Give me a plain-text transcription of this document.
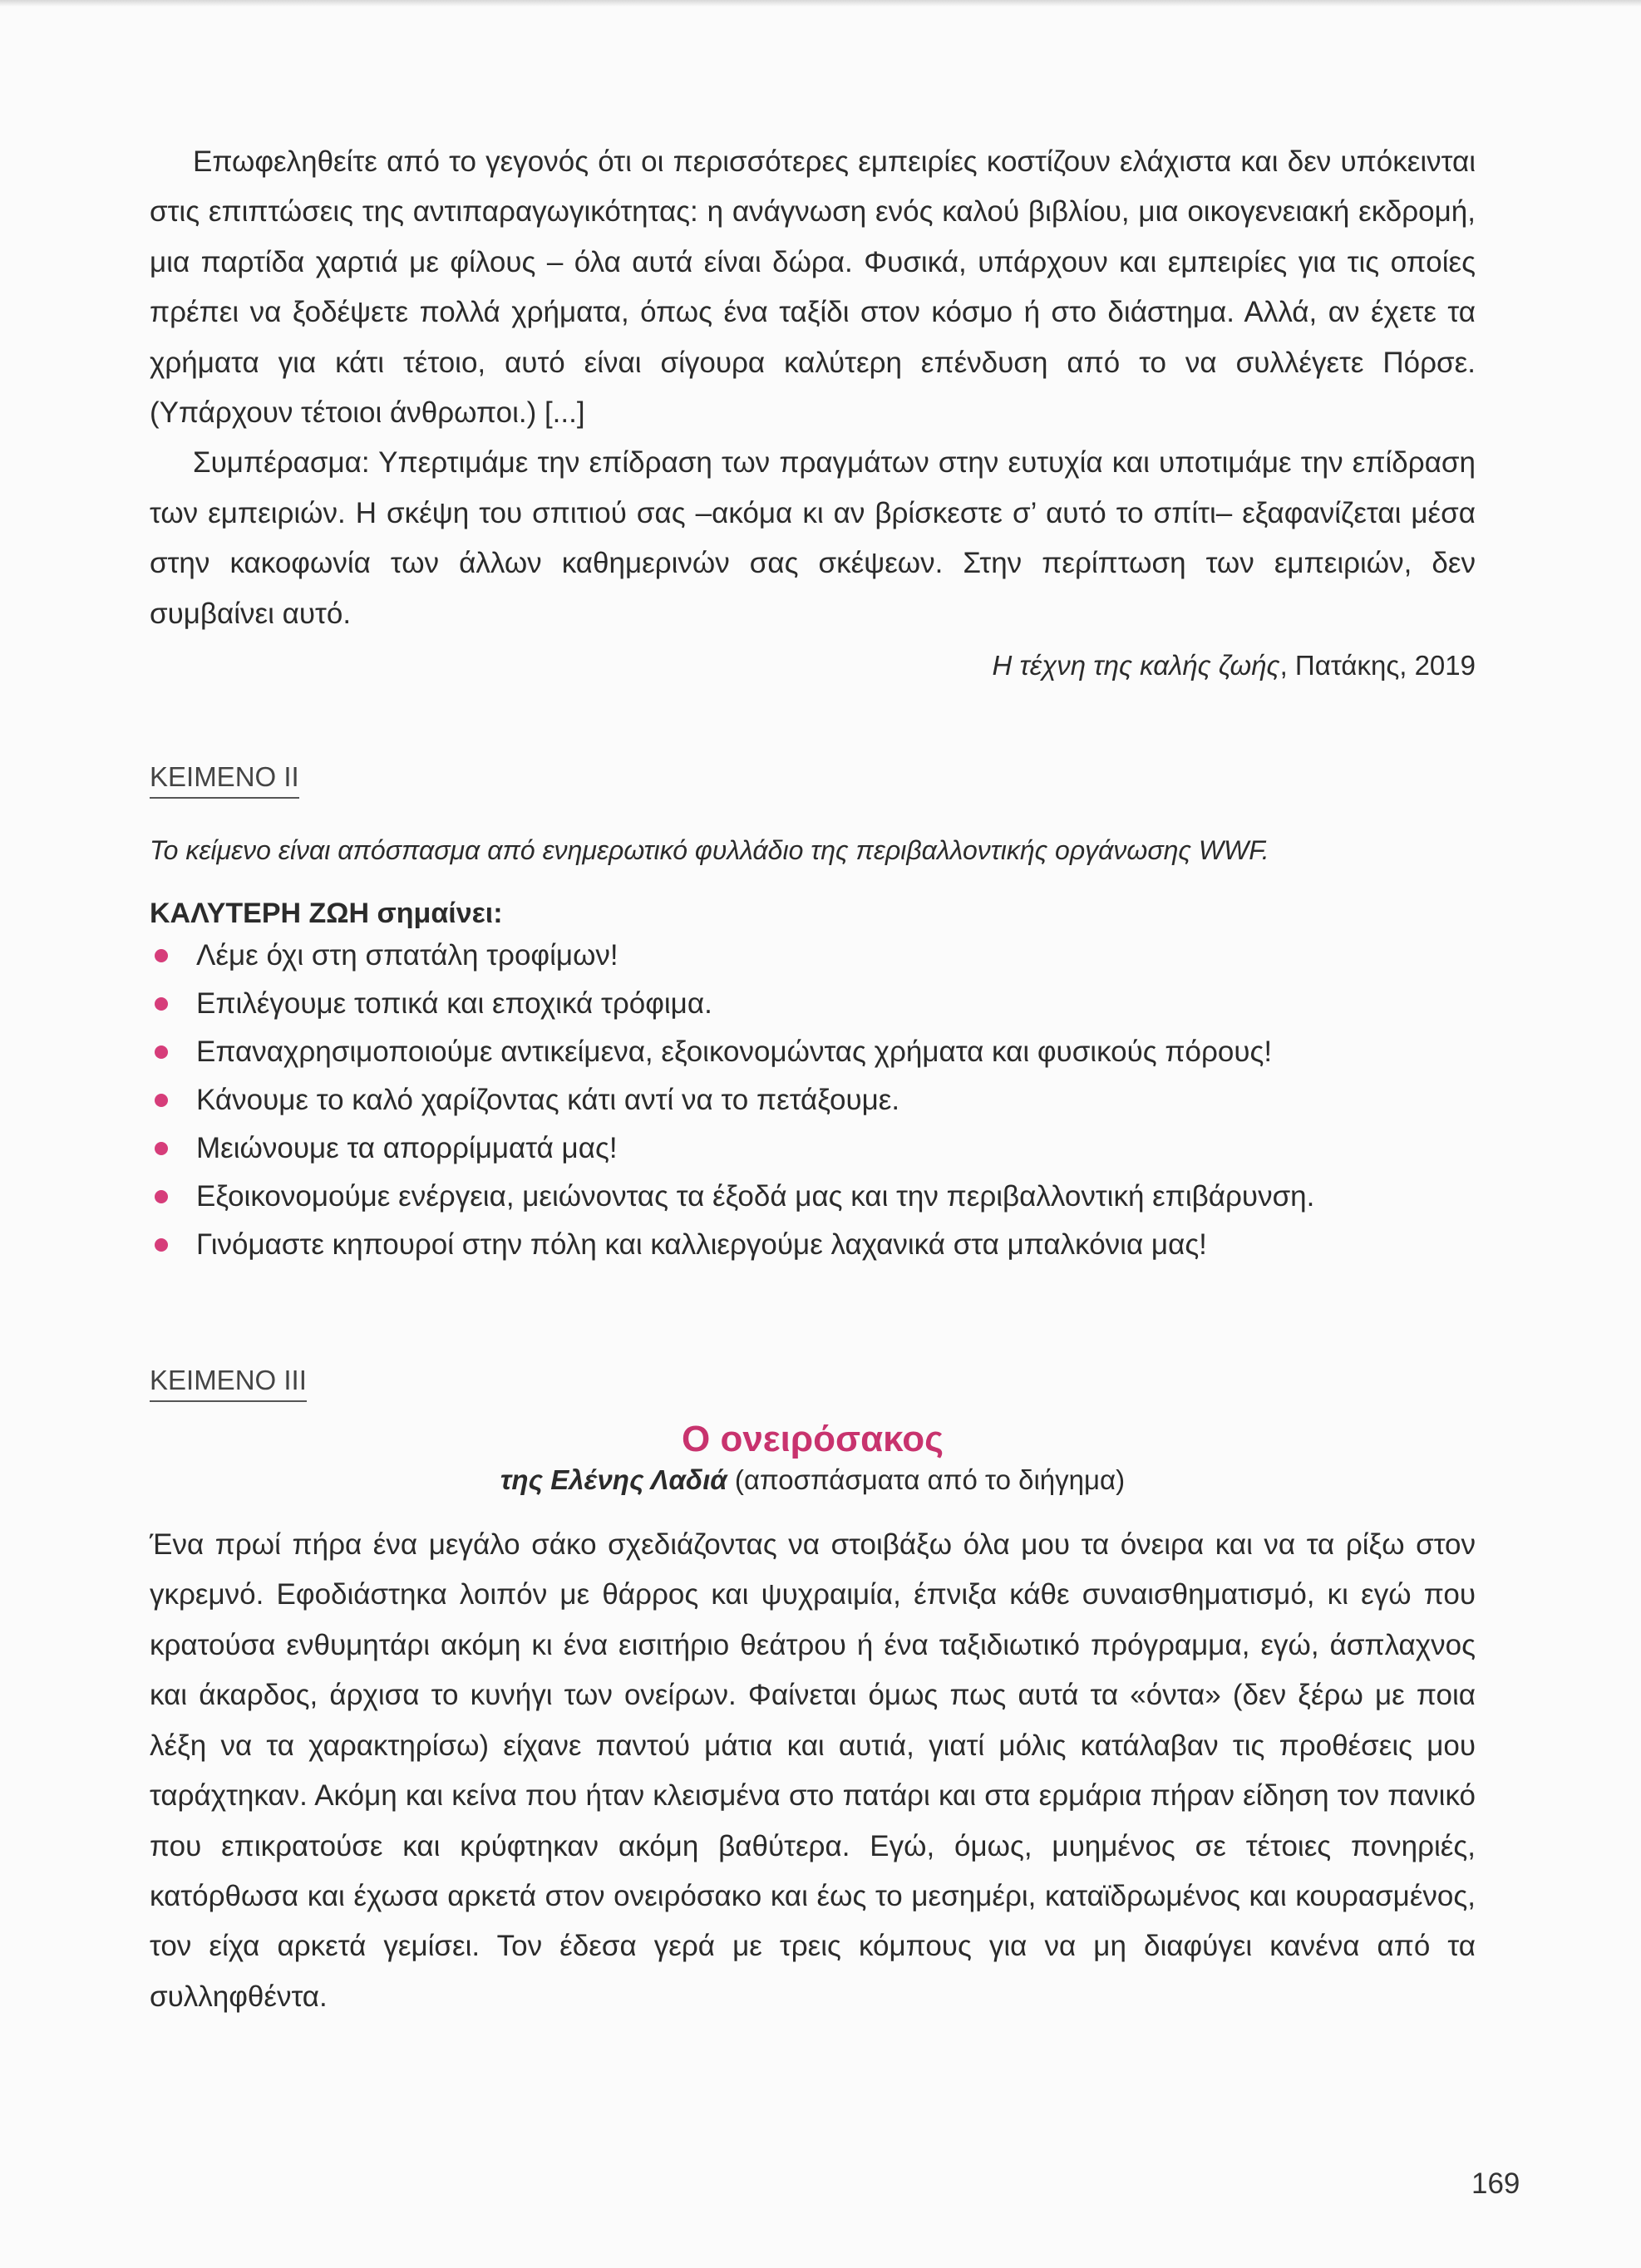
Επωφεληθείτε από το γεγονός ότι οι περισσότερες εμπειρίες κοστίζουν ελάχιστα και δεν υπόκεινται στις επιπτώσεις της αντιπαραγωγικότητας: η ανάγνωση ενός καλού βιβλίου, μια οικογενειακή εκδρομή, μια παρτίδα χαρτιά με φίλους – όλα αυτά είναι δώρα. Φυσικά, υπάρχουν και εμπειρίες για τις οποίες πρέπει να ξοδέψετε πολλά χρήματα, όπως ένα ταξίδι στον κόσμο ή στο διάστημα. Αλλά, αν έχετε τα χρήματα για κάτι τέτοιο, αυτό είναι σίγουρα καλύτερη επένδυση από το να συλλέγετε Πόρσε. (Υπάρχουν τέτοιοι άνθρωποι.) [...]

Συμπέρασμα: Υπερτιμάμε την επίδραση των πραγμάτων στην ευτυχία και υποτιμάμε την επίδραση των εμπειριών. Η σκέψη του σπιτιού σας –ακόμα κι αν βρίσκεστε σ’ αυτό το σπίτι– εξαφανίζεται μέσα στην κακοφωνία των άλλων καθημερινών σας σκέψεων. Στην περίπτωση των εμπειριών, δεν συμβαίνει αυτό.

Η τέχνη της καλής ζωής, Πατάκης, 2019
ΚΕΙΜΕΝΟ ΙΙ

Το κείμενο είναι απόσπασμα από ενημερωτικό φυλλάδιο της περιβαλλοντικής οργάνωσης WWF.

ΚΑΛΥΤΕΡΗ ΖΩΗ σημαίνει:

Λέμε όχι στη σπατάλη τροφίμων!
Επιλέγουμε τοπικά και εποχικά τρόφιμα.
Επαναχρησιμοποιούμε αντικείμενα, εξοικονομώντας χρήματα και φυσικούς πόρους!
Κάνουμε το καλό χαρίζοντας κάτι αντί να το πετάξουμε.
Μειώνουμε τα απορρίμματά μας!
Εξοικονομούμε ενέργεια, μειώνοντας τα έξοδά μας και την περιβαλλοντική επιβάρυνση.
Γινόμαστε κηπουροί στην πόλη και καλλιεργούμε λαχανικά στα μπαλκόνια μας!
ΚΕΙΜΕΝΟ ΙΙΙ
Ο ονειρόσακος

της Ελένης Λαδιά (αποσπάσματα από το διήγημα)

Ένα πρωί πήρα ένα μεγάλο σάκο σχεδιάζοντας να στοιβάξω όλα μου τα όνειρα και να τα ρίξω στον γκρεμνό. Εφοδιάστηκα λοιπόν με θάρρος και ψυχραιμία, έπνιξα κάθε συναισθηματισμό, κι εγώ που κρατούσα ενθυμητάρι ακόμη κι ένα εισιτήριο θεάτρου ή ένα ταξιδιωτικό πρόγραμμα, εγώ, άσπλαχνος και άκαρδος, άρχισα το κυνήγι των ονείρων. Φαίνεται όμως πως αυτά τα «όντα» (δεν ξέρω με ποια λέξη να τα χαρακτηρίσω) είχανε παντού μάτια και αυτιά, γιατί μόλις κατάλαβαν τις προθέσεις μου ταράχτηκαν. Ακόμη και κείνα που ήταν κλεισμένα στο πατάρι και στα ερμάρια πήραν είδηση τον πανικό που επικρατούσε και κρύφτηκαν ακόμη βαθύτερα. Εγώ, όμως, μυημένος σε τέτοιες πονηριές, κατόρθωσα και έχωσα αρκετά στον ονειρόσακο και έως το μεσημέρι, καταϊδρωμένος και κουρασμένος, τον είχα αρκετά γεμίσει. Τον έδεσα γερά με τρεις κόμπους για να μη διαφύγει κανένα από τα συλληφθέντα.

169
